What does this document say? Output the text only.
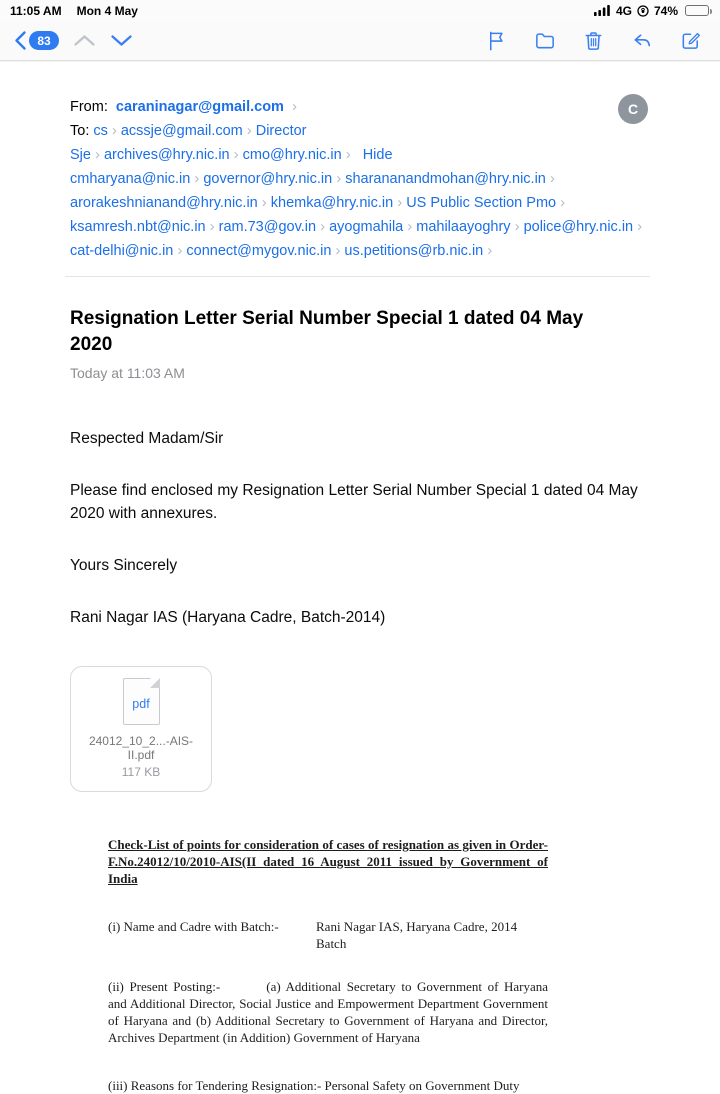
11:05 AM Mon 4 May	4G 74%
83
C
From: caraninagar@gmail.com ›
To: cs › acssje@gmail.com › Director Sje › archives@hry.nic.in › cmo@hry.nic.in › Hide
cmharyana@nic.in › governor@hry.nic.in › sharananandmohan@hry.nic.in ›
arorakeshnianand@hry.nic.in › khemka@hry.nic.in › US Public Section Pmo ›
ksamresh.nbt@nic.in › ram.73@gov.in › ayogmahila › mahilaayoghry › police@hry.nic.in ›
cat-delhi@nic.in › connect@mygov.nic.in › us.petitions@rb.nic.in ›
Resignation Letter Serial Number Special 1 dated 04 May 2020
Today at 11:03 AM

Respected Madam/Sir

Please find enclosed my Resignation Letter Serial Number Special 1 dated 04 May 2020 with annexures.

Yours Sincerely

Rani Nagar IAS (Haryana Cadre, Batch-2014)

pdf
24012_10_2...-AIS-II.pdf
117 KB
Check-List of points for consideration of cases of resignation as given in Order-F.No.24012/10/2010-AIS(II dated 16 August 2011 issued by Government of India
(i) Name and Cadre with Batch:-	Rani Nagar IAS, Haryana Cadre, 2014 Batch
(ii) Present Posting:-	(a) Additional Secretary to Government of Haryana and Additional Director, Social Justice and Empowerment Department Government of Haryana and (b) Additional Secretary to Government of Haryana and Director, Archives Department (in Addition) Government of Haryana
(iii) Reasons for Tendering Resignation:- Personal Safety on Government Duty
